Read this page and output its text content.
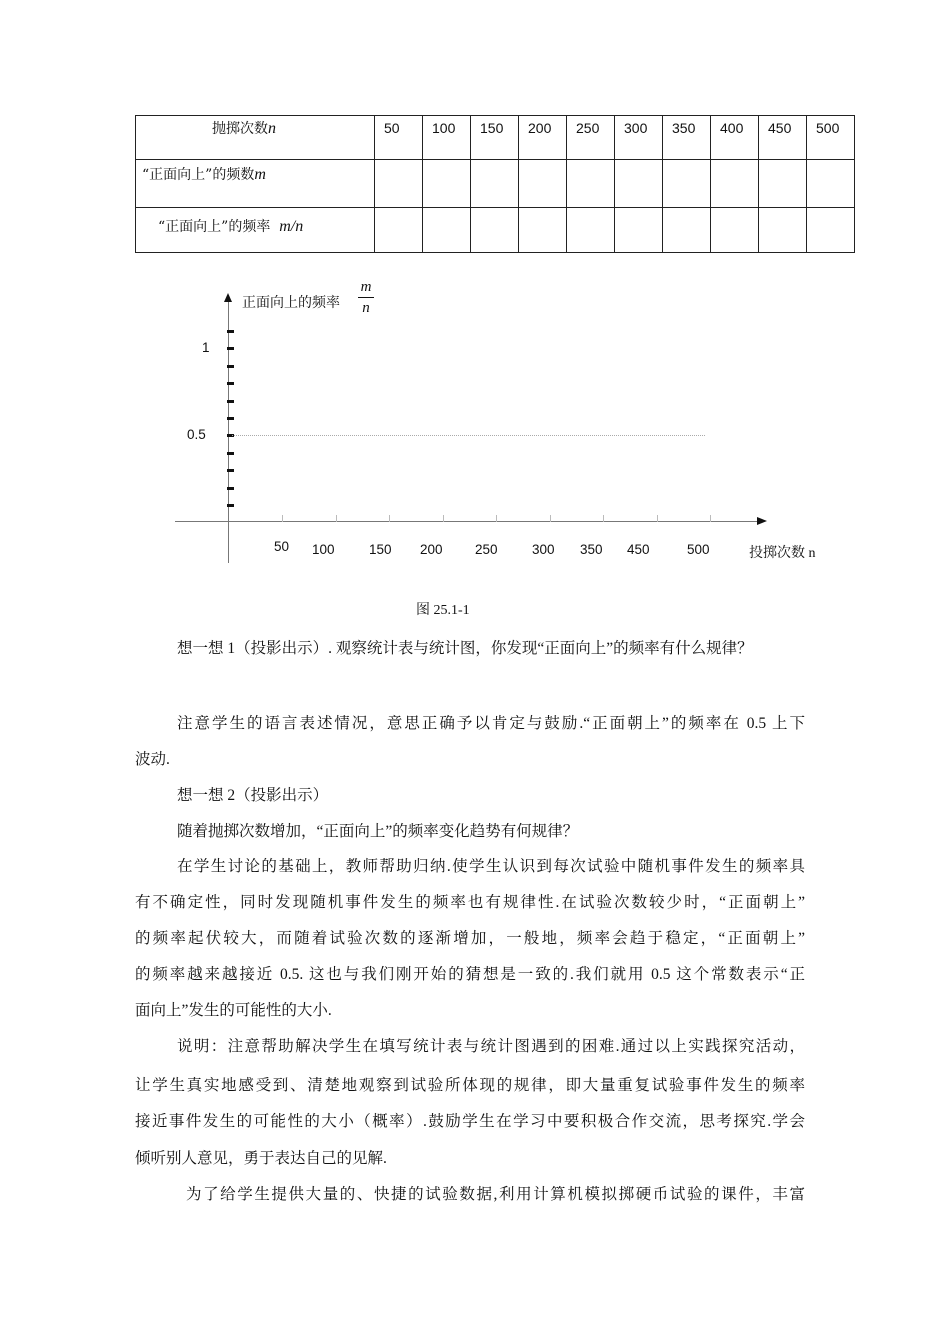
抛掷次数n	50	100	150	200	250	300	350	400	450	500

“正面向上”的频数m										

“正面向上”的频率 m/n										

正面向上的频率
m
n
1
0.5
50 100	150 200 250	300 350 450	500	投掷次数 n
图 25.1-1
想一想 1（投影出示）. 观察统计表与统计图，你发现“正面向上”的频率有什么规律？
注意学生的语言表述情况，意思正确予以肯定与鼓励.“正面朝上”的频率在 0.5 上下
波动.
想一想 2（投影出示）
随着抛掷次数增加，“正面向上”的频率变化趋势有何规律？
在学生讨论的基础上，教师帮助归纳.使学生认识到每次试验中随机事件发生的频率具
有不确定性，同时发现随机事件发生的频率也有规律性.在试验次数较少时，“正面朝上”
的频率起伏较大，而随着试验次数的逐渐增加，一般地，频率会趋于稳定，“正面朝上”
的频率越来越接近 0.5. 这也与我们刚开始的猜想是一致的.我们就用 0.5 这个常数表示“正
面向上”发生的可能性的大小.
说明：注意帮助解决学生在填写统计表与统计图遇到的困难.通过以上实践探究活动，
让学生真实地感受到、清楚地观察到试验所体现的规律，即大量重复试验事件发生的频率
接近事件发生的可能性的大小（概率）.鼓励学生在学习中要积极合作交流，思考探究.学会
倾听别人意见，勇于表达自己的见解.
为了给学生提供大量的、快捷的试验数据,利用计算机模拟掷硬币试验的课件，丰富
